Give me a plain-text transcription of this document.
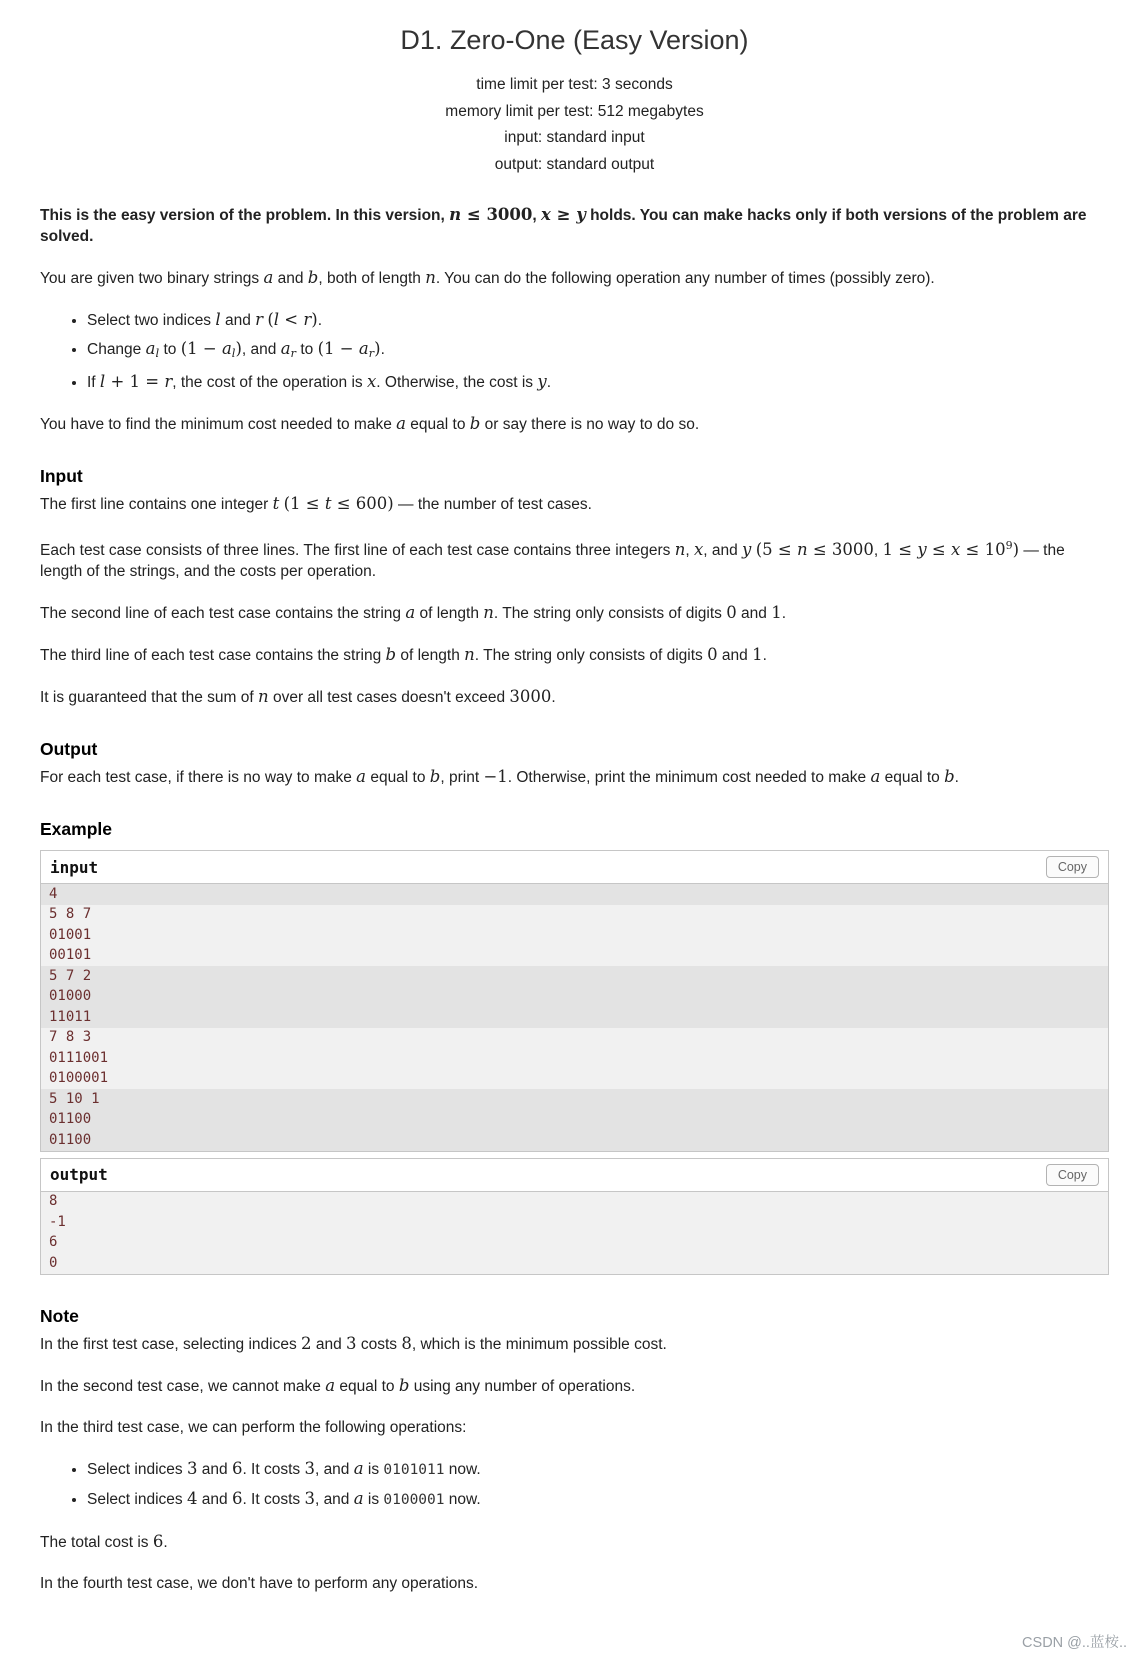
D1. Zero-One (Easy Version)
time limit per test: 3 seconds
memory limit per test: 512 megabytes
input: standard input
output: standard output

This is the easy version of the problem. In this version, n ≤ 3000, x ≥ y holds. You can make hacks only if both versions of the problem are solved.

You are given two binary strings a and b, both of length n. You can do the following operation any number of times (possibly zero).

• Select two indices l and r (l < r).
• Change al to (1 − al), and ar to (1 − ar).
• If l + 1 = r, the cost of the operation is x. Otherwise, the cost is y.

You have to find the minimum cost needed to make a equal to b or say there is no way to do so.

Input

The first line contains one integer t (1 ≤ t ≤ 600) — the number of test cases.

Each test case consists of three lines. The first line of each test case contains three integers n, x, and y (5 ≤ n ≤ 3000, $1 \le y \le x \le 10^9$) — the length of the strings, and the costs per operation.

The second line of each test case contains the string a of length n. The string only consists of digits 0 and 1.

The third line of each test case contains the string b of length n. The string only consists of digits 0 and 1.

It is guaranteed that the sum of n over all test cases doesn't exceed 3000.

Output

For each test case, if there is no way to make a equal to b, print −1. Otherwise, print the minimum cost needed to make a equal to b.

Example
input	Copy
4
5 8 7
01001
00101
5 7 2
01000
11011
7 8 3
0111001
0100001
5 10 1
01100
01100
output	Copy
8
-1
6
0
Note

In the first test case, selecting indices 2 and 3 costs 8, which is the minimum possible cost.

In the second test case, we cannot make a equal to b using any number of operations.

In the third test case, we can perform the following operations:

• Select indices 3 and 6. It costs 3, and a is 0101011 now.
• Select indices 4 and 6. It costs 3, and a is 0100001 now.

The total cost is 6.

In the fourth test case, we don't have to perform any operations.

CSDN @..蓝桉..
